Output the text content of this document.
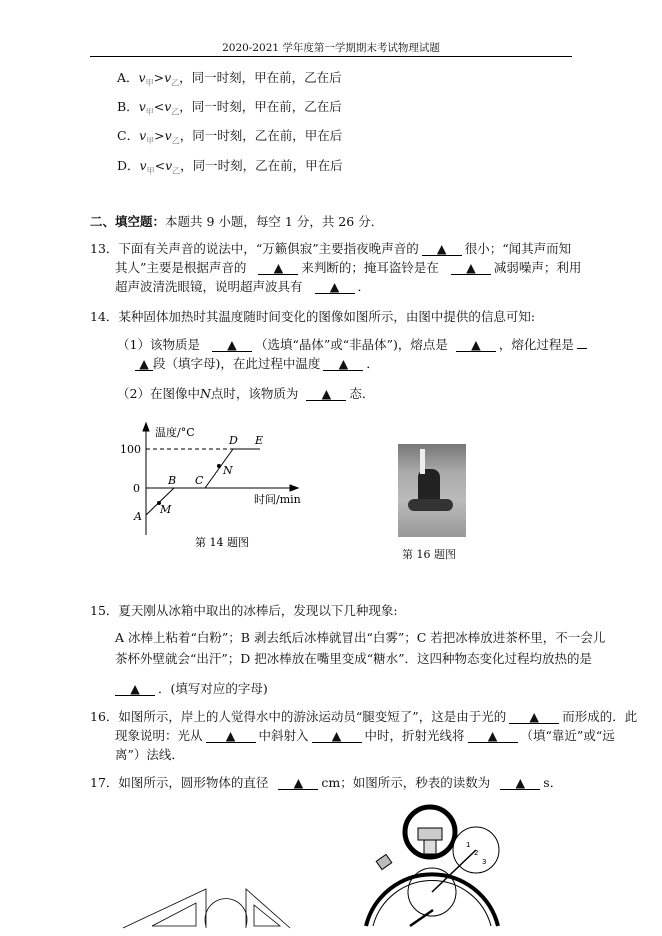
2020-2021 学年度第一学期期末考试物理试题
A．$v_甲>v_乙$，同一时刻，甲在前，乙在后
B．$v_甲<v_乙$，同一时刻，甲在前，乙在后
C．$v_甲>v_乙$，同一时刻，乙在前，甲在后
D．$v_甲<v_乙$，同一时刻，乙在前，甲在后
二、填空题：本题共 9 小题，每空 1 分，共 26 分．
13．下面有关声音的说法中，“万籁俱寂”主要指夜晚声音的 ▲ 很小；“闻其声而知
其人”主要是根据声音的 ▲ 来判断的；掩耳盗铃是在 ▲ 减弱噪声；利用
超声波清洗眼镜，说明超声波具有 ▲ ．
14．某种固体加热时其温度随时间变化的图像如图所示，由图中提供的信息可知:
（1）该物质是 ▲ （选填“晶体”或“非晶体”)，熔点是 ▲ ，熔化过程是
▲ 段（填字母)，在此过程中温度 ▲ ．
（2）在图像中N点时，该物质为 ▲ 态．
温度/°C
100
0
时间/min
A
B C
D E
M
N
第 14 题图
第 16 题图
15．夏天刚从冰箱中取出的冰棒后，发现以下几种现象:
A 冰棒上粘着“白粉”；B 剥去纸后冰棒就冒出“白雾”；C 若把冰棒放进茶杯里，不一会儿
茶杯外壁就会“出汗”；D 把冰棒放在嘴里变成“糖水”．这四种物态变化过程均放热的是
▲ ．(填写对应的字母)
16．如图所示，岸上的人觉得水中的游泳运动员“腿变短了”，这是由于光的 ▲ 而形成的．此
现象说明：光从 ▲ 中斜射入 ▲ 中时，折射光线将 ▲ （填“靠近”或“远
离”）法线．
17．如图所示，圆形物体的直径 ▲ cm；如图所示，秒表的读数为 ▲ s．
1
2
3
